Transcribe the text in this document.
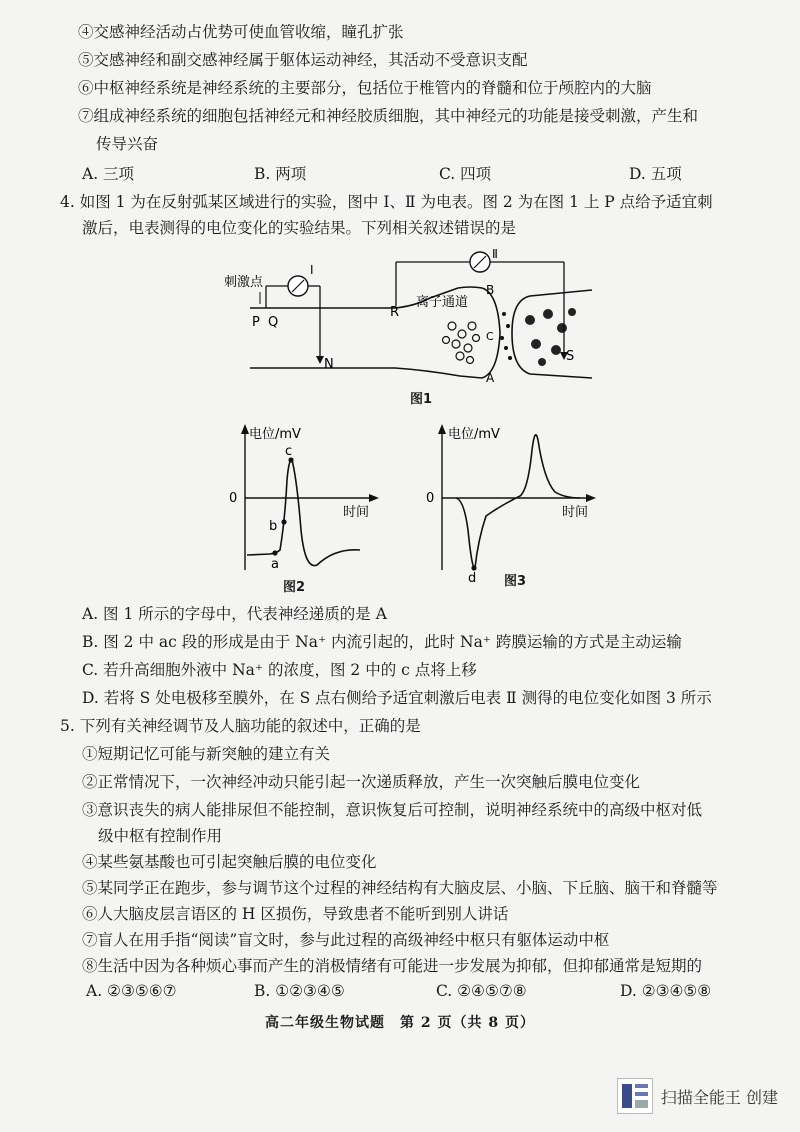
④交感神经活动占优势可使血管收缩，瞳孔扩张
⑤交感神经和副交感神经属于躯体运动神经，其活动不受意识支配
⑥中枢神经系统是神经系统的主要部分，包括位于椎管内的脊髓和位于颅腔内的大脑
⑦组成神经系统的细胞包括神经元和神经胶质细胞，其中神经元的功能是接受刺激，产生和
传导兴奋
A. 三项	B. 两项	C. 四项	D. 五项
4. 如图 1 为在反射弧某区域进行的实验，图中 Ⅰ、Ⅱ 为电表。图 2 为在图 1 上 P 点给予适宜刺
激后，电表测得的电位变化的实验结果。下列相关叙述错误的是
刺激点
P Q
N
R
S
Ⅰ
Ⅱ
离子通道
B
C
A
图1
电位/mV
0
时间
a
b
c
图2
电位/mV
0
时间
d 图3
A. 图 1 所示的字母中，代表神经递质的是 A
B. 图 2 中 ac 段的形成是由于 Na⁺ 内流引起的，此时 Na⁺ 跨膜运输的方式是主动运输
C. 若升高细胞外液中 Na⁺ 的浓度，图 2 中的 c 点将上移
D. 若将 S 处电极移至膜外，在 S 点右侧给予适宜刺激后电表 Ⅱ 测得的电位变化如图 3 所示
5. 下列有关神经调节及人脑功能的叙述中，正确的是
①短期记忆可能与新突触的建立有关
②正常情况下，一次神经冲动只能引起一次递质释放，产生一次突触后膜电位变化
③意识丧失的病人能排尿但不能控制，意识恢复后可控制，说明神经系统中的高级中枢对低
级中枢有控制作用
④某些氨基酸也可引起突触后膜的电位变化
⑤某同学正在跑步，参与调节这个过程的神经结构有大脑皮层、小脑、下丘脑、脑干和脊髓等
⑥人大脑皮层言语区的 H 区损伤，导致患者不能听到别人讲话
⑦盲人在用手指“阅读”盲文时，参与此过程的高级神经中枢只有躯体运动中枢
⑧生活中因为各种烦心事而产生的消极情绪有可能进一步发展为抑郁，但抑郁通常是短期的
A. ②③⑤⑥⑦	B. ①②③④⑤	C. ②④⑤⑦⑧	D. ②③④⑤⑧
高二年级生物试题　第 2 页（共 8 页）
扫描全能王 创建
